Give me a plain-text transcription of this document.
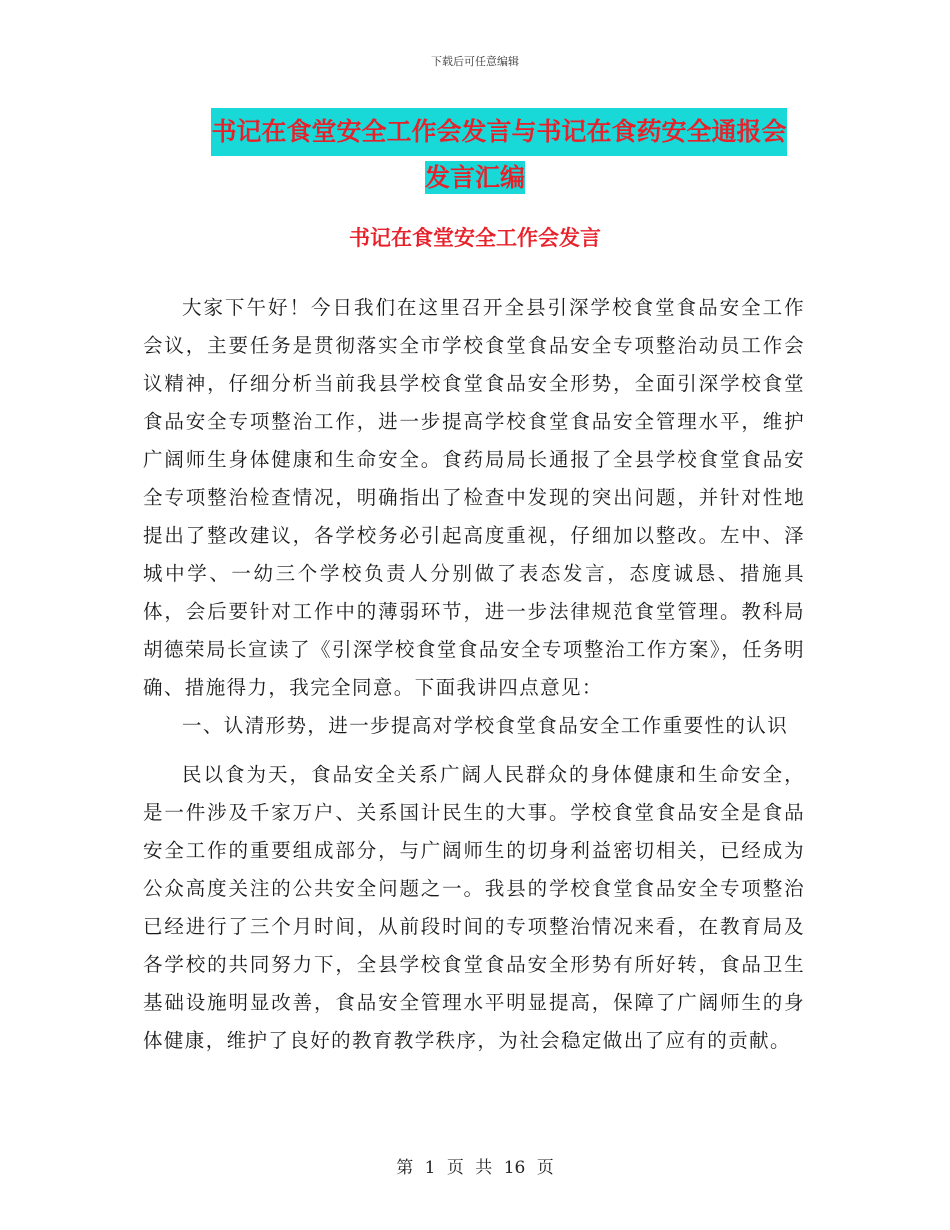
下载后可任意编辑
书记在食堂安全工作会发言与书记在食药安全通报会
发言汇编
书记在食堂安全工作会发言

大家下午好！今日我们在这里召开全县引深学校食堂食品安全工作会议，主要任务是贯彻落实全市学校食堂食品安全专项整治动员工作会议精神，仔细分析当前我县学校食堂食品安全形势，全面引深学校食堂食品安全专项整治工作，进一步提高学校食堂食品安全管理水平，维护广阔师生身体健康和生命安全。食药局局长通报了全县学校食堂食品安全专项整治检查情况，明确指出了检查中发现的突出问题，并针对性地提出了整改建议，各学校务必引起高度重视，仔细加以整改。左中、泽城中学、一幼三个学校负责人分别做了表态发言，态度诚恳、措施具体，会后要针对工作中的薄弱环节，进一步法律规范食堂管理。教科局胡德荣局长宣读了《引深学校食堂食品安全专项整治工作方案》，任务明确、措施得力，我完全同意。下面我讲四点意见：

一、认清形势，进一步提高对学校食堂食品安全工作重要性的认识

民以食为天，食品安全关系广阔人民群众的身体健康和生命安全，是一件涉及千家万户、关系国计民生的大事。学校食堂食品安全是食品安全工作的重要组成部分，与广阔师生的切身利益密切相关，已经成为公众高度关注的公共安全问题之一。我县的学校食堂食品安全专项整治已经进行了三个月时间，从前段时间的专项整治情况来看，在教育局及各学校的共同努力下，全县学校食堂食品安全形势有所好转，食品卫生基础设施明显改善，食品安全管理水平明显提高，保障了广阔师生的身体健康，维护了良好的教育教学秩序，为社会稳定做出了应有的贡献。

第 1 页 共 16 页
